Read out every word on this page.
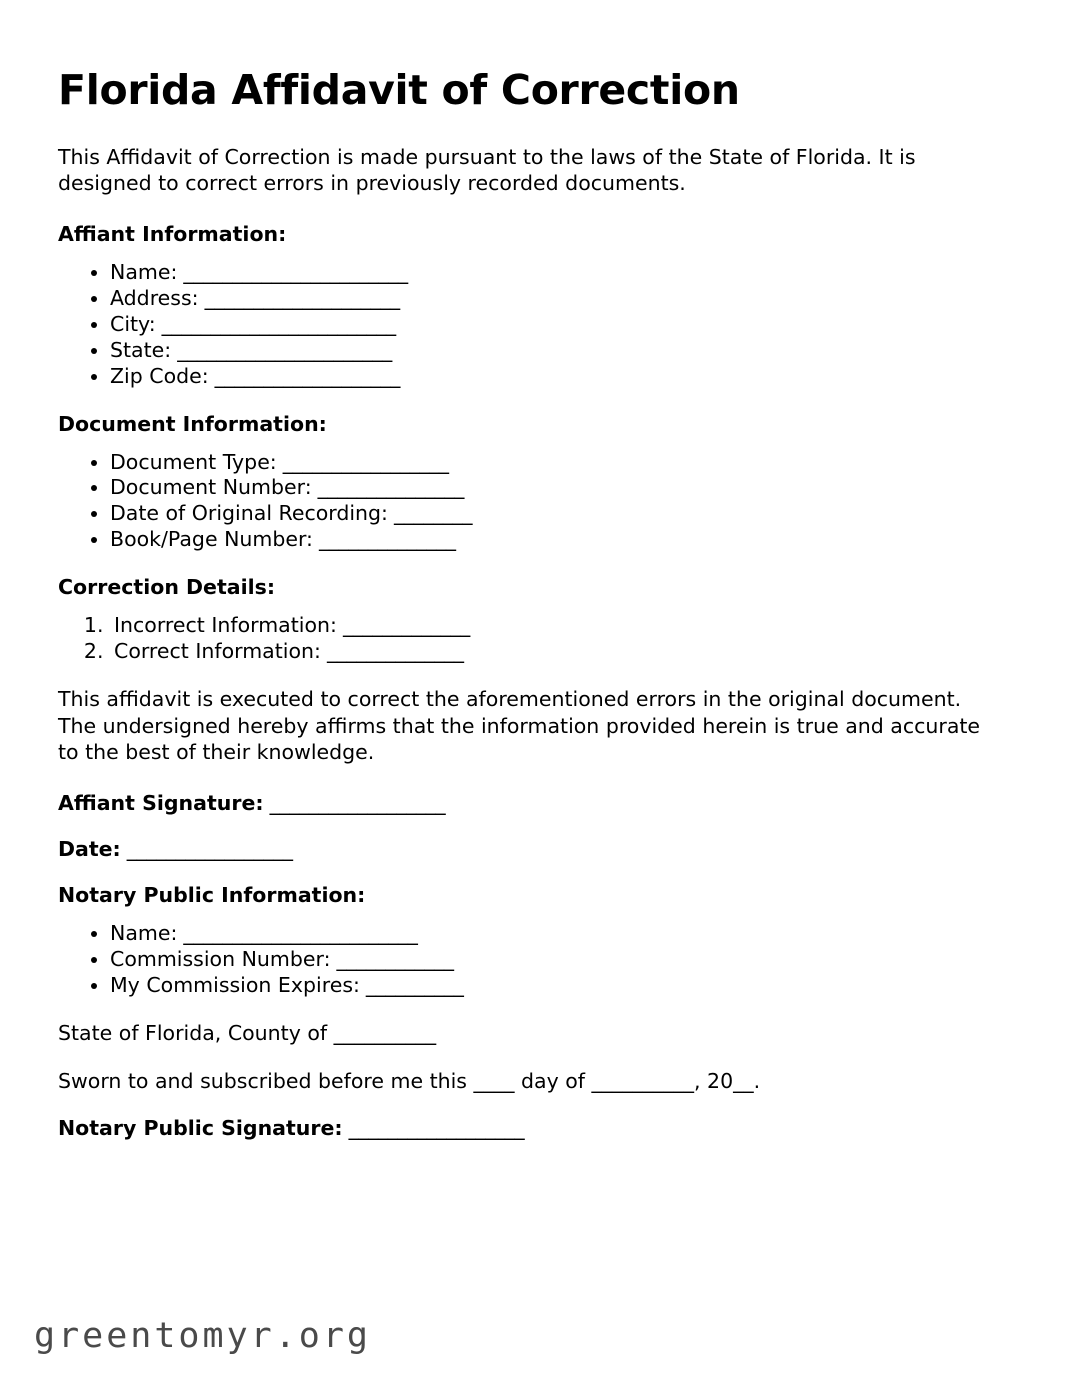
Florida Affidavit of Correction

This Affidavit of Correction is made pursuant to the laws of the State of Florida. It is designed to correct errors in previously recorded documents.

Affiant Information:
• Name: _______________________
• Address: ____________________
• City: ________________________
• State: ______________________
• Zip Code: ___________________
Document Information:
• Document Type: _________________
• Document Number: _______________
• Date of Original Recording: ________
• Book/Page Number: ______________
Correction Details:
1. Incorrect Information: _____________
2. Correct Information: ______________

This affidavit is executed to correct the aforementioned errors in the original document. The undersigned hereby affirms that the information provided herein is true and accurate to the best of their knowledge.

Affiant Signature: __________________
Date: _________________
Notary Public Information:
• Name: ________________________
• Commission Number: ____________
• My Commission Expires: __________

State of Florida, County of __________

Sworn to and subscribed before me this ____ day of __________, 20__.

Notary Public Signature: __________________
greentomyr.org
